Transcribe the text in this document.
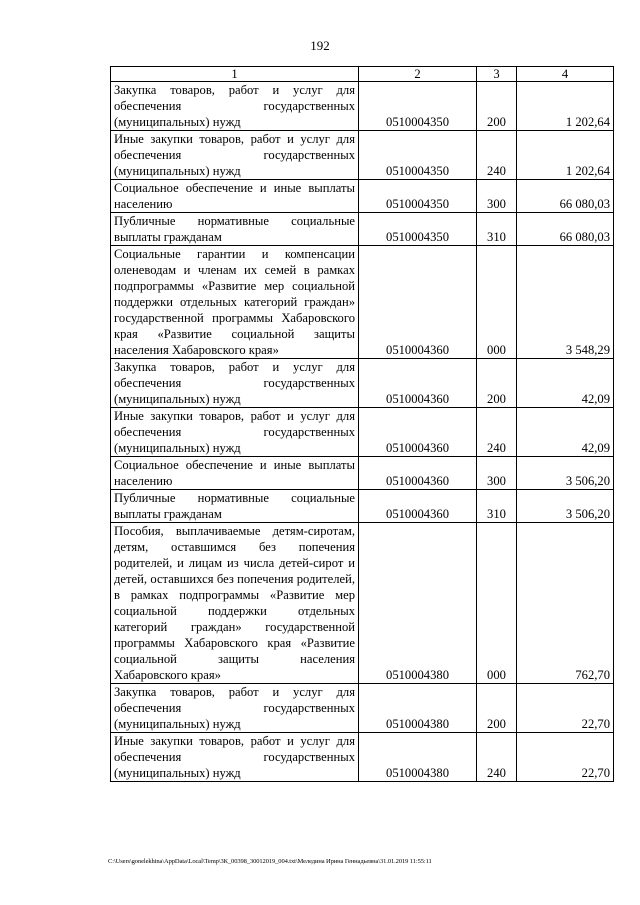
192
1	2	3	4
Закупка товаров, работ и услуг для обеспечения государственных (муниципальных) нужд	0510004350	200	1 202,64
Иные закупки товаров, работ и услуг для обеспечения государственных (муниципальных) нужд	0510004350	240	1 202,64
Социальное обеспечение и иные выплаты населению	0510004350	300	66 080,03
Публичные нормативные социальные выплаты гражданам	0510004350	310	66 080,03
Социальные гарантии и компенсации оленеводам и членам их семей в рамках подпрограммы «Развитие мер социальной поддержки отдельных категорий граждан» государственной программы Хабаровского края «Развитие социальной защиты населения Хабаровского края»	0510004360	000	3 548,29
Закупка товаров, работ и услуг для обеспечения государственных (муниципальных) нужд	0510004360	200	42,09
Иные закупки товаров, работ и услуг для обеспечения государственных (муниципальных) нужд	0510004360	240	42,09
Социальное обеспечение и иные выплаты населению	0510004360	300	3 506,20
Публичные нормативные социальные выплаты гражданам	0510004360	310	3 506,20
Пособия, выплачиваемые детям-сиротам, детям, оставшимся без попечения родителей, и лицам из числа детей-сирот и детей, оставшихся без попечения родителей, в рамках подпрограммы «Развитие мер социальной поддержки отдельных категорий граждан» государственной программы Хабаровского края «Развитие социальной защиты населения Хабаровского края»	0510004380	000	762,70
Закупка товаров, работ и услуг для обеспечения государственных (муниципальных) нужд	0510004380	200	22,70
Иные закупки товаров, работ и услуг для обеспечения государственных (муниципальных) нужд	0510004380	240	22,70
C:\Users\gonelekhina\AppData\Local\Temp\3К_00398_30012019_004.txt\Меледина Ирина Геннадьевна\31.01.2019 11:55:11
